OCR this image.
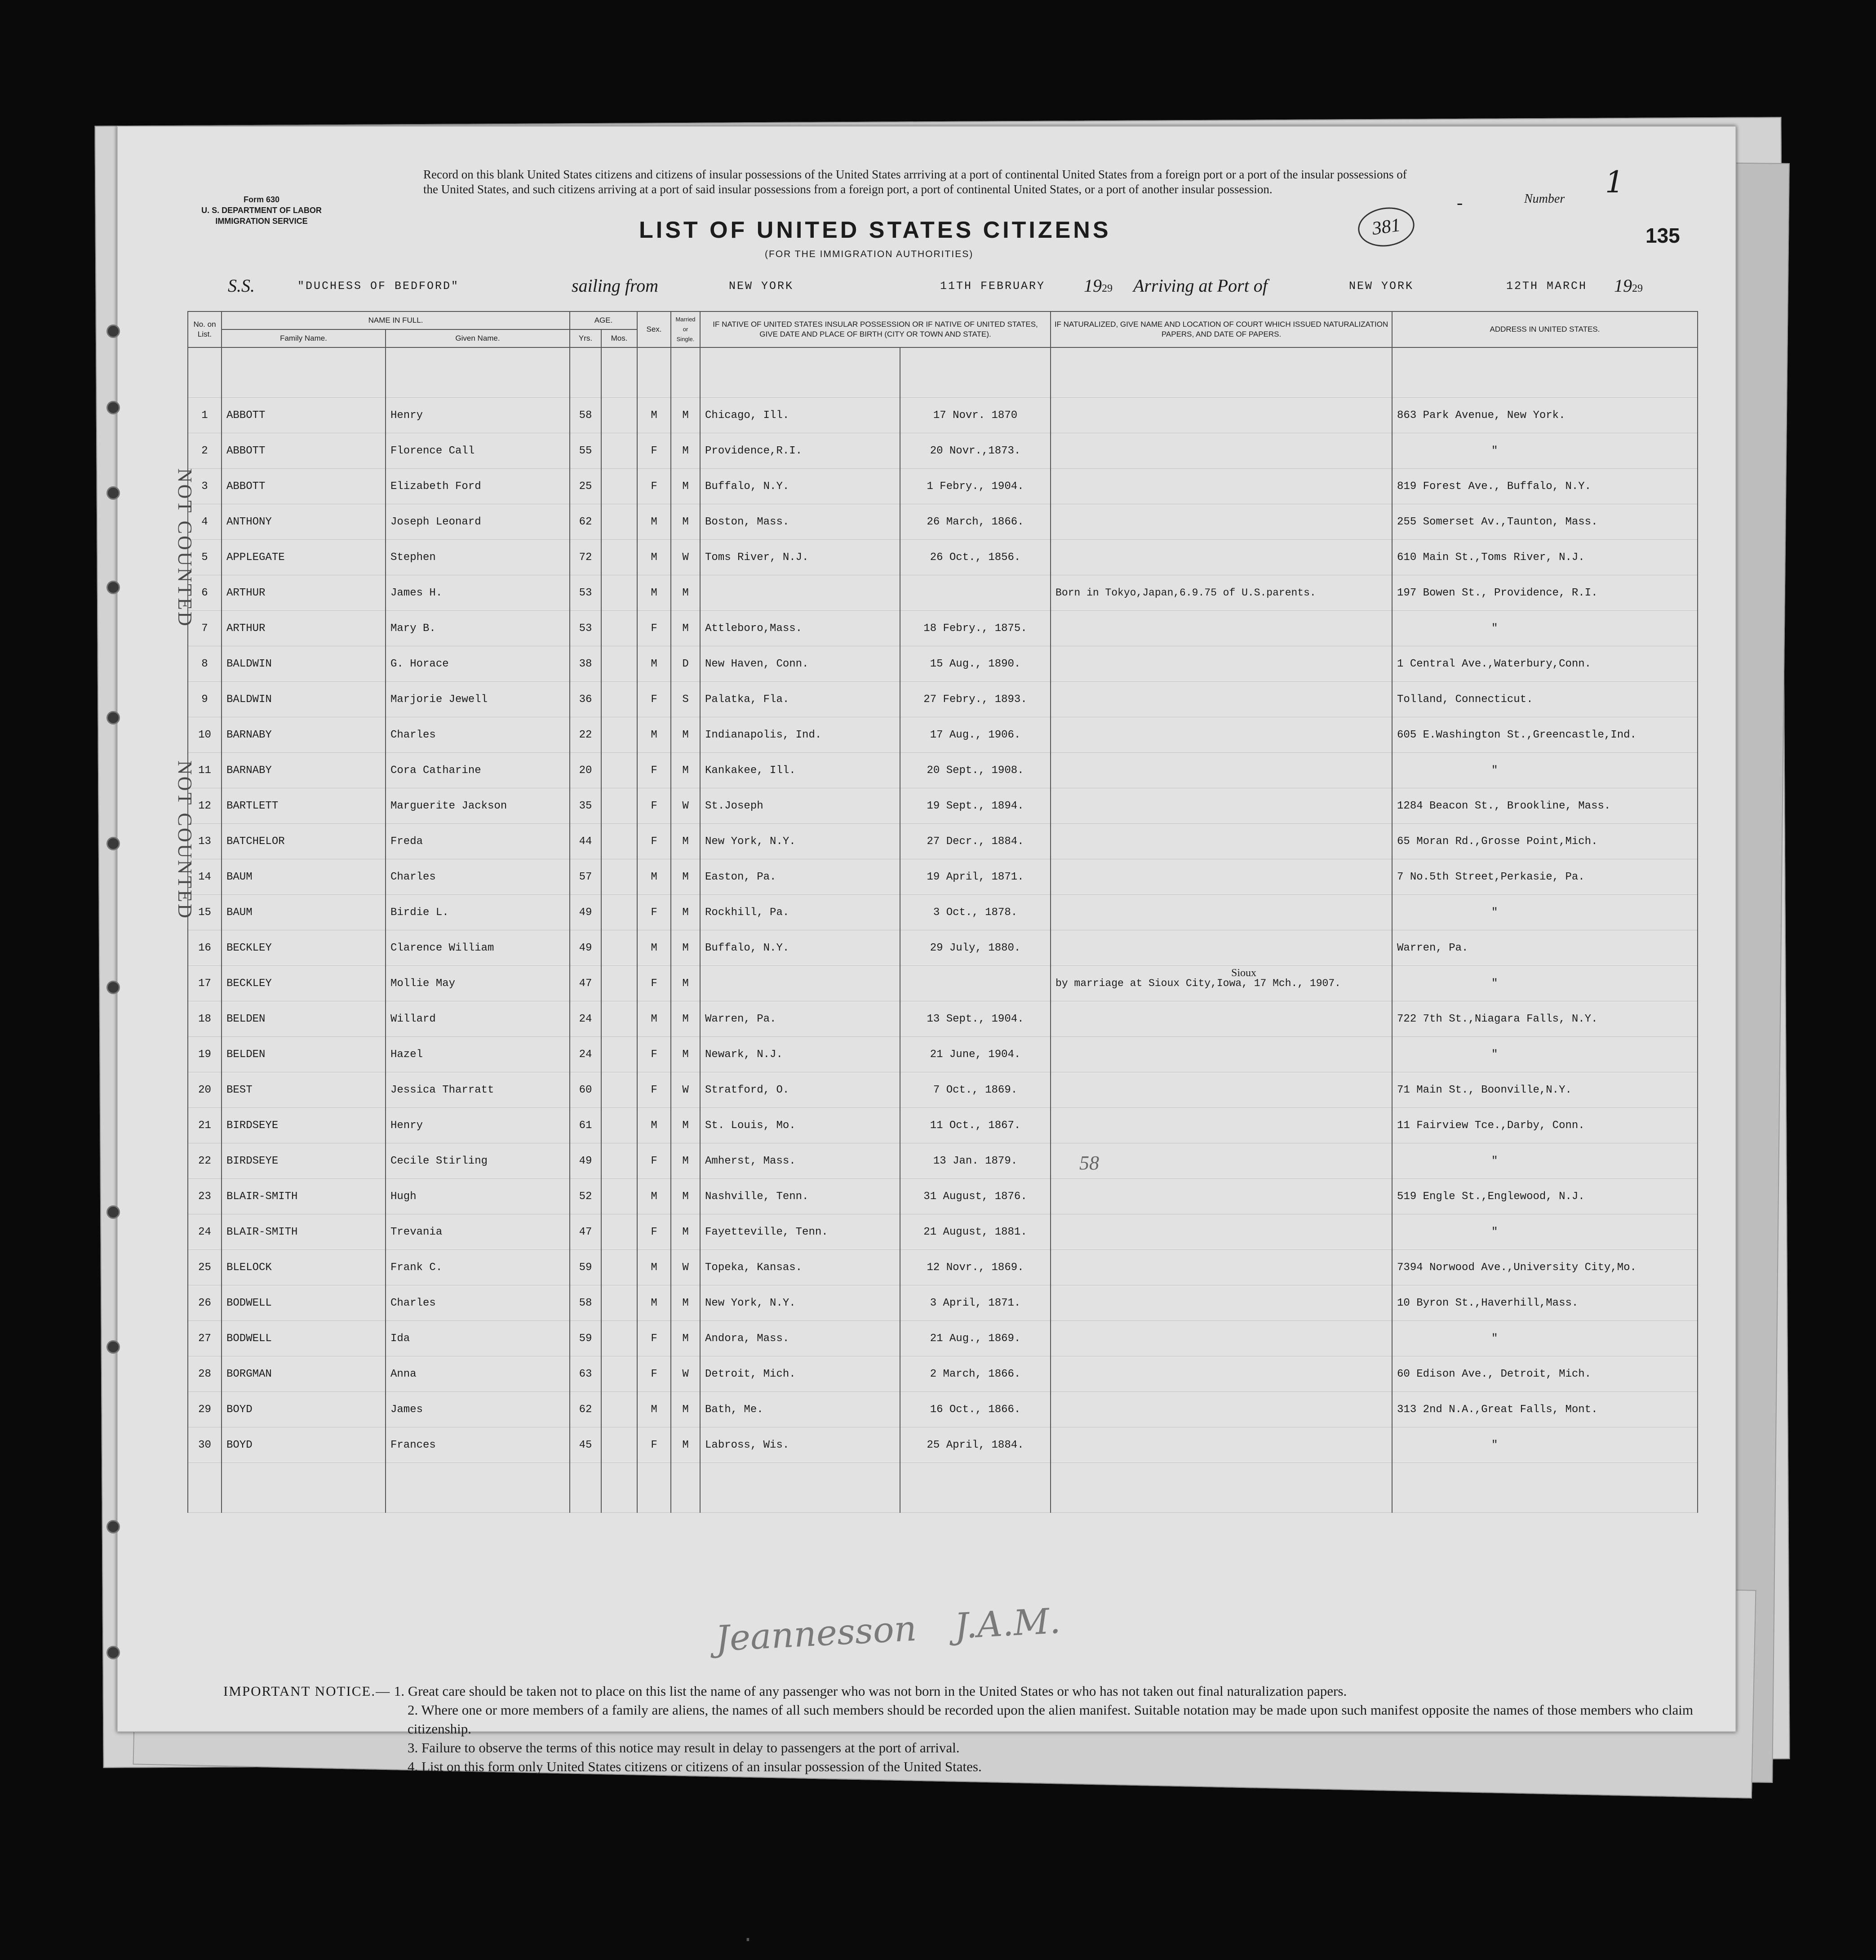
Form 630
U. S. DEPARTMENT OF LABOR
IMMIGRATION SERVICE
Record on this blank United States citizens and citizens of insular possessions of the United States arrriving at a port of continental United States from a foreign port or a port of the insular possessions of the United States, and such citizens arriving at a port of said insular possessions from a foreign port, a port of continental United States, or a port of another insular possession.
LIST OF UNITED STATES CITIZENS
(FOR THE IMMIGRATION AUTHORITIES)
Number 1
-
381	135
S.S.	"DUCHESS OF BEDFORD"	sailing from	NEW YORK	11TH FEBRUARY 1929 Arriving at Port of	NEW YORK	12TH MARCH 1929
No. on List.	NAME IN FULL.		AGE.		Sex.	Married or Single.	IF NATIVE OF UNITED STATES INSULAR POSSESSION OR IF NATIVE OF UNITED STATES, GIVE DATE AND PLACE OF BIRTH (CITY OR TOWN AND STATE).		IF NATURALIZED, GIVE NAME AND LOCATION OF COURT WHICH ISSUED NATURALIZATION PAPERS, AND DATE OF PAPERS.	ADDRESS IN UNITED STATES.
	Family Name.	Given Name.	Yrs.	Mos.						

1	ABBOTT	Henry	58		M	M	Chicago, Ill.	17 Novr. 1870		863 Park Avenue, New York.
2	ABBOTT	Florence Call	55		F	M	Providence,R.I.	20 Novr.,1873.		"
3	ABBOTT	Elizabeth Ford	25		F	M	Buffalo, N.Y.	1 Febry., 1904.		819 Forest Ave., Buffalo, N.Y.
4	ANTHONY	Joseph Leonard	62		M	M	Boston, Mass.	26 March, 1866.		255 Somerset Av.,Taunton, Mass.
5	APPLEGATE	Stephen	72		M	W	Toms River, N.J.	26 Oct., 1856.		610 Main St.,Toms River, N.J.
6	ARTHUR	James H.	53		M	M			Born in Tokyo,Japan,6.9.75 of U.S.parents.	197 Bowen St., Providence, R.I.
7	ARTHUR	Mary B.	53		F	M	Attleboro,Mass.	18 Febry., 1875.		"
8	BALDWIN	G. Horace	38		M	D	New Haven, Conn.	15 Aug., 1890.		1 Central Ave.,Waterbury,Conn.
9	BALDWIN	Marjorie Jewell	36		F	S	Palatka, Fla.	27 Febry., 1893.		Tolland, Connecticut.
10	BARNABY	Charles	22		M	M	Indianapolis, Ind.	17 Aug., 1906.		605 E.Washington St.,Greencastle,Ind.
11	BARNABY	Cora Catharine	20		F	M	Kankakee, Ill.	20 Sept., 1908.		"
12	BARTLETT	Marguerite Jackson	35		F	W	St.Joseph	19 Sept., 1894.		1284 Beacon St., Brookline, Mass.
13	BATCHELOR	Freda	44		F	M	New York, N.Y.	27 Decr., 1884.		65 Moran Rd.,Grosse Point,Mich.
14	BAUM	Charles	57		M	M	Easton, Pa.	19 April, 1871.		7 No.5th Street,Perkasie, Pa.
15	BAUM	Birdie L.	49		F	M	Rockhill, Pa.	3 Oct., 1878.		"
16	BECKLEY	Clarence William	49		M	M	Buffalo, N.Y.	29 July, 1880.		Warren, Pa.
17	BECKLEY	Mollie May	47		F	M			by marriage at Sioux City,Iowa, 17 Mch., 1907.	"
18	BELDEN	Willard	24		M	M	Warren, Pa.	13 Sept., 1904.		722 7th St.,Niagara Falls, N.Y.
19	BELDEN	Hazel	24		F	M	Newark, N.J.	21 June, 1904.		"
20	BEST	Jessica Tharratt	60		F	W	Stratford, O.	7 Oct., 1869.		71 Main St., Boonville,N.Y.
21	BIRDSEYE	Henry	61		M	M	St. Louis, Mo.	11 Oct., 1867.		11 Fairview Tce.,Darby, Conn.
22	BIRDSEYE	Cecile Stirling	49		F	M	Amherst, Mass.	13 Jan. 1879.		"
23	BLAIR-SMITH	Hugh	52		M	M	Nashville, Tenn.	31 August, 1876.		519 Engle St.,Englewood, N.J.
24	BLAIR-SMITH	Trevania	47		F	M	Fayetteville, Tenn.	21 August, 1881.		"
25	BLELOCK	Frank C.	59		M	W	Topeka, Kansas.	12 Novr., 1869.		7394 Norwood Ave.,University City,Mo.
26	BODWELL	Charles	58		M	M	New York, N.Y.	3 April, 1871.		10 Byron St.,Haverhill,Mass.
27	BODWELL	Ida	59		F	M	Andora, Mass.	21 Aug., 1869.		"
28	BORGMAN	Anna	63		F	W	Detroit, Mich.	2 March, 1866.		60 Edison Ave., Detroit, Mich.
29	BOYD	James	62		M	M	Bath, Me.	16 Oct., 1866.		313 2nd N.A.,Great Falls, Mont.
30	BOYD	Frances	45		F	M	Labross, Wis.	25 April, 1884.		"

Sioux
NOT COUNTED
NOT COUNTED
58
Jeannesson J.A.M.
IMPORTANT NOTICE.— 1. Great care should be taken not to place on this list the name of any passenger who was not born in the United States or who has not taken out final naturalization papers.
2. Where one or more members of a family are aliens, the names of all such members should be recorded upon the alien manifest. Suitable notation may be made upon such manifest opposite the names of those members who claim citizenship.
3. Failure to observe the terms of this notice may result in delay to passengers at the port of arrival.
4. List on this form only United States citizens or citizens of an insular possession of the United States.
·
